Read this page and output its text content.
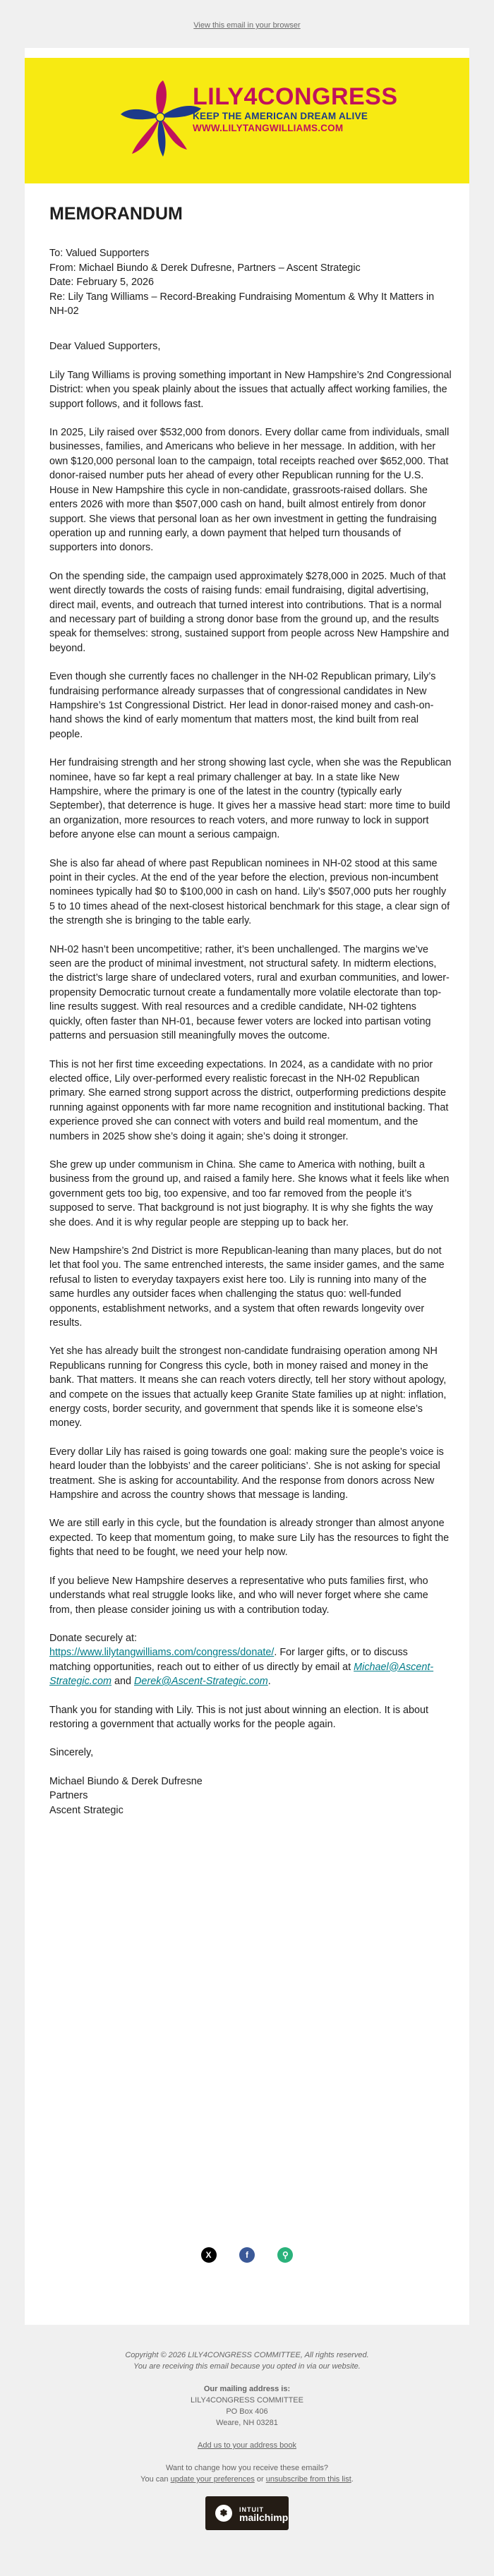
View this email in your browser
LILY4CONGRESS
KEEP THE AMERICAN DREAM ALIVE
WWW.LILYTANGWILLIAMS.COM
MEMORANDUM

To: Valued Supporters

From: Michael Biundo & Derek Dufresne, Partners – Ascent Strategic

Date: February 5, 2026

Re: Lily Tang Williams – Record-Breaking Fundraising Momentum & Why It Matters in NH-02

Dear Valued Supporters,

Lily Tang Williams is proving something important in New Hampshire’s 2nd Congressional District: when you speak plainly about the issues that actually affect working families, the support follows, and it follows fast.

In 2025, Lily raised over $532,000 from donors. Every dollar came from individuals, small businesses, families, and Americans who believe in her message. In addition, with her own $120,000 personal loan to the campaign, total receipts reached over $652,000. That donor-raised number puts her ahead of every other Republican running for the U.S. House in New Hampshire this cycle in non-candidate, grassroots-raised dollars. She enters 2026 with more than $507,000 cash on hand, built almost entirely from donor support. She views that personal loan as her own investment in getting the fundraising operation up and running early, a down payment that helped turn thousands of supporters into donors.

On the spending side, the campaign used approximately $278,000 in 2025. Much of that went directly towards the costs of raising funds: email fundraising, digital advertising, direct mail, events, and outreach that turned interest into contributions. That is a normal and necessary part of building a strong donor base from the ground up, and the results speak for themselves: strong, sustained support from people across New Hampshire and beyond.

Even though she currently faces no challenger in the NH-02 Republican primary, Lily’s fundraising performance already surpasses that of congressional candidates in New Hampshire’s 1st Congressional District. Her lead in donor-raised money and cash-on-hand shows the kind of early momentum that matters most, the kind built from real people.

Her fundraising strength and her strong showing last cycle, when she was the Republican nominee, have so far kept a real primary challenger at bay. In a state like New Hampshire, where the primary is one of the latest in the country (typically early September), that deterrence is huge. It gives her a massive head start: more time to build an organization, more resources to reach voters, and more runway to lock in support before anyone else can mount a serious campaign.

She is also far ahead of where past Republican nominees in NH-02 stood at this same point in their cycles. At the end of the year before the election, previous non-incumbent nominees typically had $0 to $100,000 in cash on hand. Lily’s $507,000 puts her roughly 5 to 10 times ahead of the next-closest historical benchmark for this stage, a clear sign of the strength she is bringing to the table early.

NH-02 hasn’t been uncompetitive; rather, it’s been unchallenged. The margins we’ve seen are the product of minimal investment, not structural safety. In midterm elections, the district’s large share of undeclared voters, rural and exurban communities, and lower-propensity Democratic turnout create a fundamentally more volatile electorate than top-line results suggest. With real resources and a credible candidate, NH-02 tightens quickly, often faster than NH-01, because fewer voters are locked into partisan voting patterns and persuasion still meaningfully moves the outcome.

This is not her first time exceeding expectations. In 2024, as a candidate with no prior elected office, Lily over-performed every realistic forecast in the NH-02 Republican primary. She earned strong support across the district, outperforming predictions despite running against opponents with far more name recognition and institutional backing. That experience proved she can connect with voters and build real momentum, and the numbers in 2025 show she’s doing it again; she’s doing it stronger.

She grew up under communism in China. She came to America with nothing, built a business from the ground up, and raised a family here. She knows what it feels like when government gets too big, too expensive, and too far removed from the people it’s supposed to serve. That background is not just biography. It is why she fights the way she does. And it is why regular people are stepping up to back her.

New Hampshire’s 2nd District is more Republican-leaning than many places, but do not let that fool you. The same entrenched interests, the same insider games, and the same refusal to listen to everyday taxpayers exist here too. Lily is running into many of the same hurdles any outsider faces when challenging the status quo: well-funded opponents, establishment networks, and a system that often rewards longevity over results.

Yet she has already built the strongest non-candidate fundraising operation among NH Republicans running for Congress this cycle, both in money raised and money in the bank. That matters. It means she can reach voters directly, tell her story without apology, and compete on the issues that actually keep Granite State families up at night: inflation, energy costs, border security, and government that spends like it is someone else’s money.

Every dollar Lily has raised is going towards one goal: making sure the people’s voice is heard louder than the lobbyists’ and the career politicians’. She is not asking for special treatment. She is asking for accountability. And the response from donors across New Hampshire and across the country shows that message is landing.

We are still early in this cycle, but the foundation is already stronger than almost anyone expected. To keep that momentum going, to make sure Lily has the resources to fight the fights that need to be fought, we need your help now.

If you believe New Hampshire deserves a representative who puts families first, who understands what real struggle looks like, and who will never forget where she came from, then please consider joining us with a contribution today.

Donate securely at:
https://www.lilytangwilliams.com/congress/donate/. For larger gifts, or to discuss matching opportunities, reach out to either of us directly by email at Michael@Ascent-Strategic.com and Derek@Ascent-Strategic.com.

Thank you for standing with Lily. This is not just about winning an election. It is about restoring a government that actually works for the people again.

Sincerely,

Michael Biundo & Derek Dufresne

Partners

Ascent Strategic

X	f	⚲
Copyright © 2026 LILY4CONGRESS COMMITTEE, All rights reserved.
You are receiving this email because you opted in via our website.
Our mailing address is:
LILY4CONGRESS COMMITTEE
PO Box 406
Weare, NH 03281
Add us to your address book
Want to change how you receive these emails?
You can update your preferences or unsubscribe from this list.
✽	INTUIT
mailchimp
